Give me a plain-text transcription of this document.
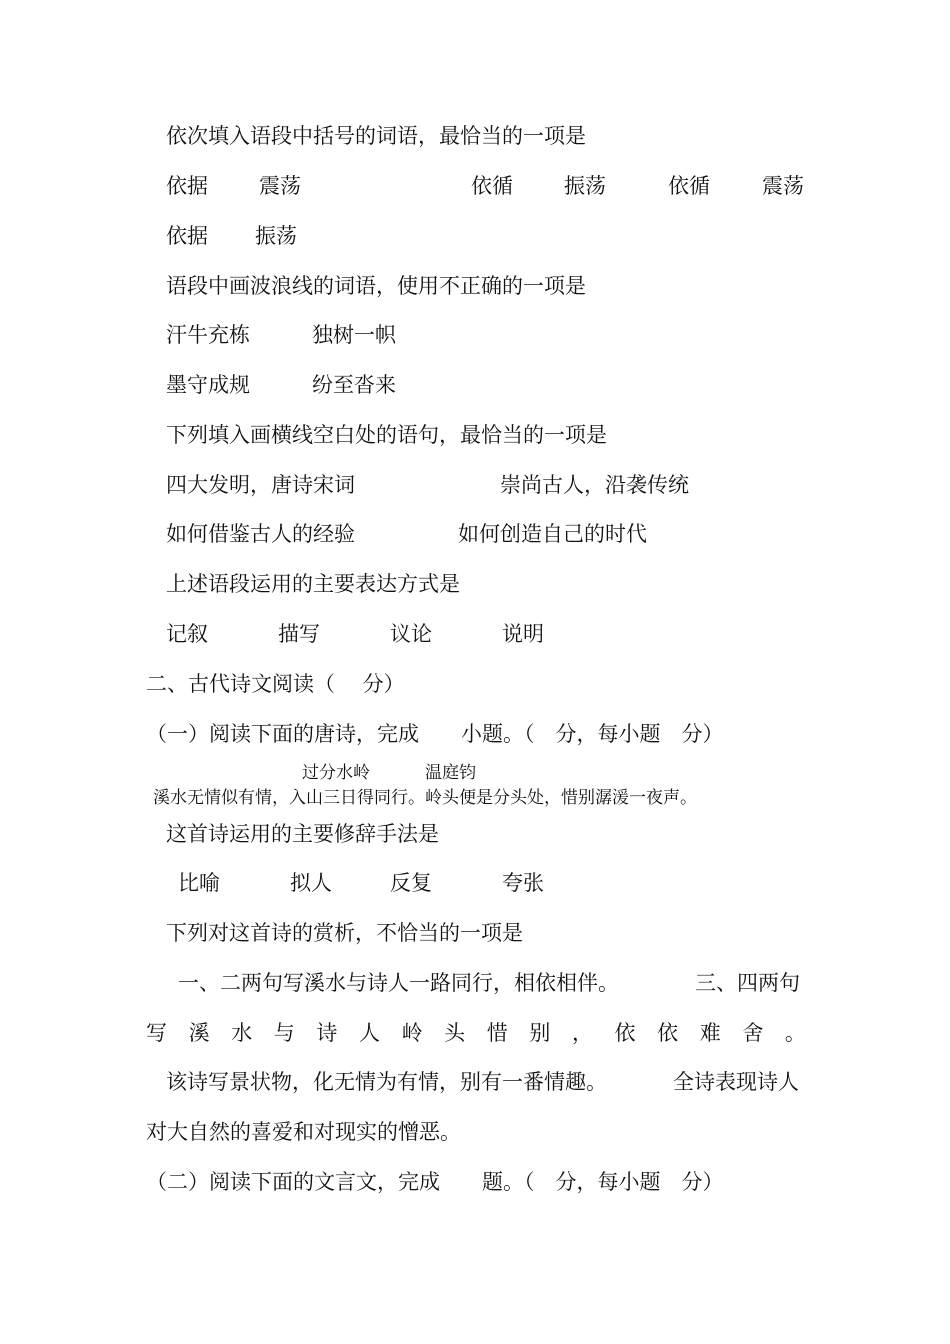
依次填入语段中括号的词语，最恰当的一项是
依据 震荡	依循 振荡	依循 震荡
依据 振荡
语段中画波浪线的词语，使用不正确的一项是
汗牛充栋	独树一帜
墨守成规	纷至沓来
下列填入画横线空白处的语句，最恰当的一项是
四大发明，唐诗宋词	崇尚古人，沿袭传统
如何借鉴古人的经验	如何创造自己的时代
上述语段运用的主要表达方式是
记叙	描写	议论	说明
二、古代诗文阅读（　 分）
（一）阅读下面的唐诗，完成　　小题。（　分，每小题　分）
过分水岭	温庭钧
溪水无情似有情，入山三日得同行。岭头便是分头处，惜别潺湲一夜声。
这首诗运用的主要修辞手法是
比喻	拟人	反复	夸张
下列对这首诗的赏析，不恰当的一项是
一、二两句写溪水与诗人一路同行，相依相伴。	三、四两句
写 溪 水 与 诗 人 岭 头 惜 别 ， 依 依 难 舍 。
该诗写景状物，化无情为有情，别有一番情趣。	全诗表现诗人
对大自然的喜爱和对现实的憎恶。
（二）阅读下面的文言文，完成　　题。（　分，每小题　分）
